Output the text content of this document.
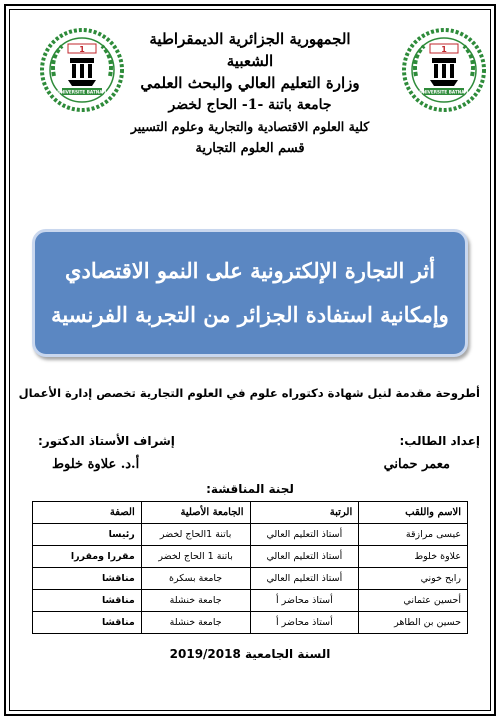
1
UNIVERSITE BATNA 1
1
UNIVERSITE BATNA 1
الجمهورية الجزائرية الديمقراطية الشعبية
وزارة التعليم العالي والبحث العلمي
جامعة باتنة -1- الحاج لخضر
كلية العلوم الاقتصادية والتجارية وعلوم التسيير
قسم العلوم التجارية
أثر التجارة الإلكترونية على النمو الاقتصادي
وإمكانية استفادة الجزائر من التجربة الفرنسية
أطروحة مقدمة لنيل شهادة دكتوراه علوم في العلوم التجارية تخصص إدارة الأعمال
إعداد الطالب:
إشراف الأستاذ الدكتور:
معمر حماني
أ.د. علاوة خلوط
لجنة المناقشة:
الاسم واللقب	الرتبة	الجامعة الأصلية	الصفة
عيسى مرازقة	أستاذ التعليم العالي	باتنة 1الحاج لخضر	رئيسا
علاوة خلوط	أستاذ التعليم العالي	باتنة 1 الحاج لخضر	مقررا ومقررا
رابح خوني	أستاذ التعليم العالي	جامعة بسكرة	مناقشا
أحسين عثماني	أستاذ محاضر أ	جامعة خنشلة	مناقشا
حسين بن الطاهر	أستاذ محاضر أ	جامعة خنشلة	مناقشا
السنة الجامعية 2019/2018
